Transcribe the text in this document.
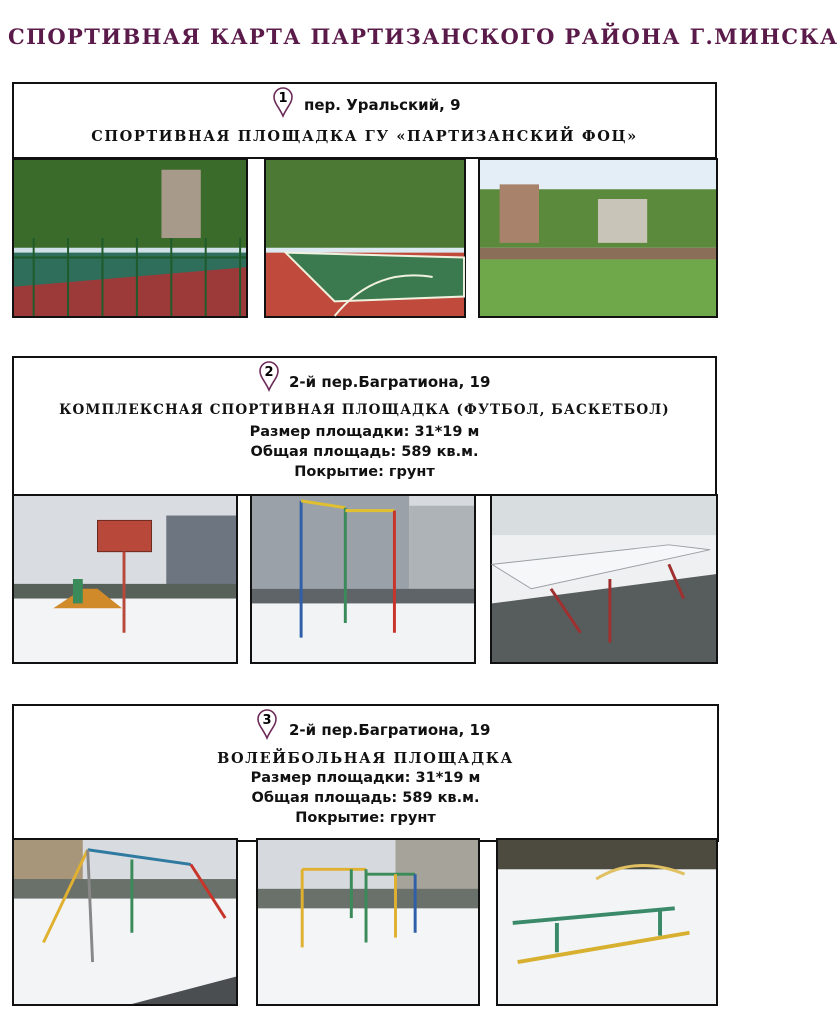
СПОРТИВНАЯ КАРТА ПАРТИЗАНСКОГО РАЙОНА Г.МИНСКА
1	пер. Уральский, 9
СПОРТИВНАЯ ПЛОЩАДКА ГУ «ПАРТИЗАНСКИЙ ФОЦ»
2
2-й пер.Багратиона, 19
КОМПЛЕКСНАЯ СПОРТИВНАЯ ПЛОЩАДКА (ФУТБОЛ, БАСКЕТБОЛ)
Размер площадки: 31*19 м
Общая площадь: 589 кв.м.
Покрытие: грунт
3
2-й пер.Багратиона, 19
ВОЛЕЙБОЛЬНАЯ ПЛОЩАДКА
Размер площадки: 31*19 м
Общая площадь: 589 кв.м.
Покрытие: грунт
